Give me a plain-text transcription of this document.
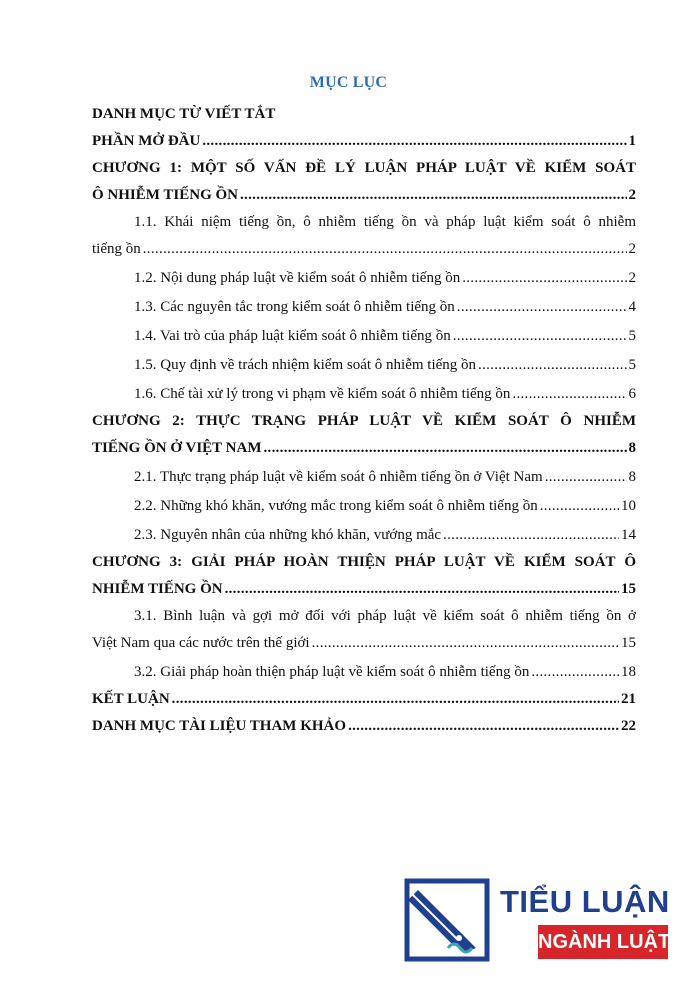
MỤC LỤC
DANH MỤC TỪ VIẾT TẮT
PHẦN MỞ ĐẦU .....	1
CHƯƠNG 1: MỘT SỐ VẤN ĐỀ LÝ LUẬN PHÁP LUẬT VỀ KIỂM SOÁT
Ô NHIỄM TIẾNG ỒN .....	2
1.1. Khái niệm tiếng ồn, ô nhiễm tiếng ồn và pháp luật kiểm soát ô nhiễm
tiếng ồn .....	2
1.2. Nội dung pháp luật về kiểm soát ô nhiễm tiếng ồn .....	2
1.3. Các nguyên tắc trong kiểm soát ô nhiễm tiếng ồn .....	4
1.4. Vai trò của pháp luật kiểm soát ô nhiễm tiếng ồn .....	5
1.5. Quy định về trách nhiệm kiểm soát ô nhiễm tiếng ồn .....	5
1.6. Chế tài xử lý trong vi phạm về kiểm soát ô nhiễm tiếng ồn .....	6
CHƯƠNG 2: THỰC TRẠNG PHÁP LUẬT VỀ KIỂM SOÁT Ô NHIỄM
TIẾNG ỒN Ở VIỆT NAM .....	8
2.1. Thực trạng pháp luật về kiểm soát ô nhiễm tiếng ồn ở Việt Nam .....	8
2.2. Những khó khăn, vướng mắc trong kiểm soát ô nhiễm tiếng ồn .....	10
2.3. Nguyên nhân của những khó khăn, vướng mắc .....	14
CHƯƠNG 3: GIẢI PHÁP HOÀN THIỆN PHÁP LUẬT VỀ KIỂM SOÁT Ô
NHIỄM TIẾNG ỒN .....	15
3.1. Bình luận và gợi mở đối với pháp luật về kiểm soát ô nhiễm tiếng ồn ở
Việt Nam qua các nước trên thế giới .....	15
3.2. Giải pháp hoàn thiện pháp luật về kiểm soát ô nhiễm tiếng ồn .....	18
KẾT LUẬN .....	21
DANH MỤC TÀI LIỆU THAM KHẢO .....	22
TIỂU LUẬN
NGÀNH LUẬT
